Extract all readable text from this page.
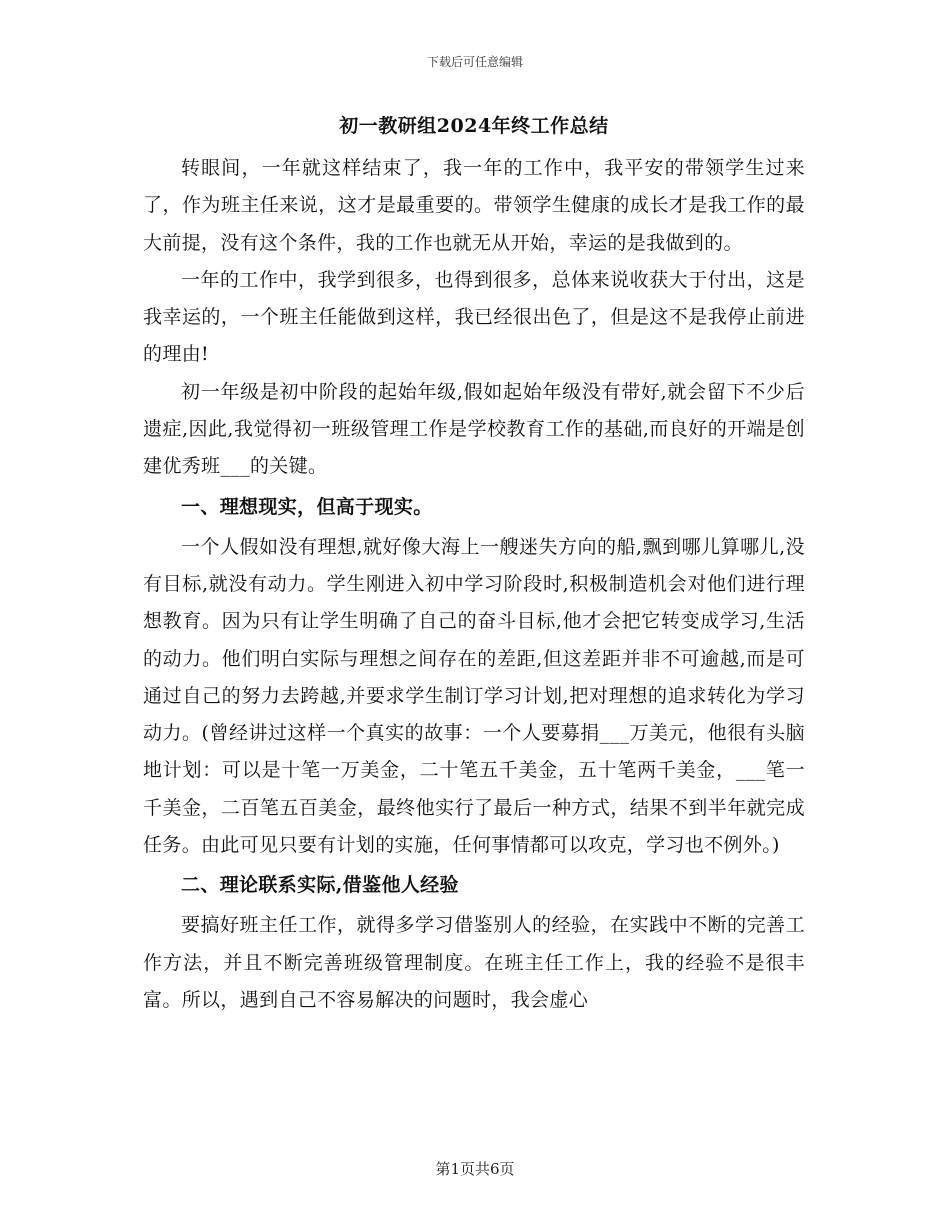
下载后可任意编辑
初一教研组2024年终工作总结

转眼间，一年就这样结束了，我一年的工作中，我平安的带领学生过来了，作为班主任来说，这才是最重要的。带领学生健康的成长才是我工作的最大前提，没有这个条件，我的工作也就无从开始，幸运的是我做到的。

一年的工作中，我学到很多，也得到很多，总体来说收获大于付出，这是我幸运的，一个班主任能做到这样，我已经很出色了，但是这不是我停止前进的理由!

初一年级是初中阶段的起始年级,假如起始年级没有带好,就会留下不少后遗症,因此,我觉得初一班级管理工作是学校教育工作的基础,而良好的开端是创建优秀班___的关键。

一、理想现实，但高于现实。

一个人假如没有理想,就好像大海上一艘迷失方向的船,飘到哪儿算哪儿,没有目标,就没有动力。学生刚进入初中学习阶段时,积极制造机会对他们进行理想教育。因为只有让学生明确了自己的奋斗目标,他才会把它转变成学习,生活的动力。他们明白实际与理想之间存在的差距,但这差距并非不可逾越,而是可通过自己的努力去跨越,并要求学生制订学习计划,把对理想的追求转化为学习动力。(曾经讲过这样一个真实的故事：一个人要募捐___万美元，他很有头脑地计划：可以是十笔一万美金，二十笔五千美金，五十笔两千美金，___笔一千美金，二百笔五百美金，最终他实行了最后一种方式，结果不到半年就完成任务。由此可见只要有计划的实施，任何事情都可以攻克，学习也不例外。)

二、理论联系实际,借鉴他人经验

要搞好班主任工作，就得多学习借鉴别人的经验，在实践中不断的完善工作方法，并且不断完善班级管理制度。在班主任工作上，我的经验不是很丰富。所以，遇到自己不容易解决的问题时，我会虚心

第1页共6页
